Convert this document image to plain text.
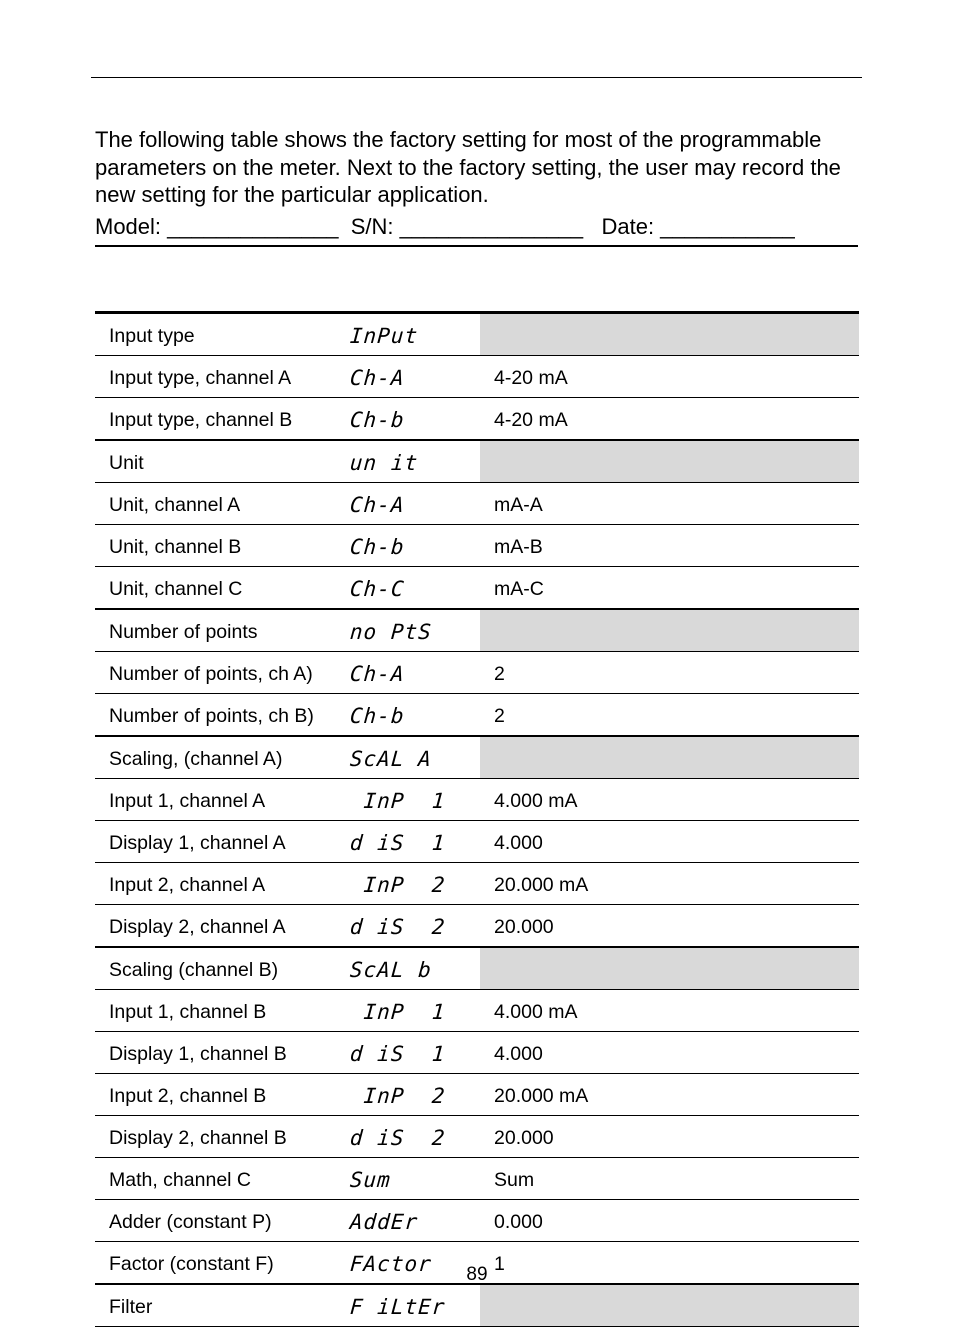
The following table shows the factory setting for most of the programmable parameters on the meter. Next to the factory setting, the user may record the new setting for the particular application.

Model: ______________ S/N: _______________ Date: ___________
Input type	InPut	
Input type, channel A	Ch-A	4-20 mA
Input type, channel B	Ch-b	4-20 mA
Unit	un it	
Unit, channel A	Ch-A	mA-A
Unit, channel B	Ch-b	mA-B
Unit, channel C	Ch-C	mA-C
Number of points	no PtS	
Number of points, ch A)	Ch-A	2
Number of points, ch B)	Ch-b	2
Scaling, (channel A)	ScAL A	
Input 1, channel A	InP  1	4.000 mA
Display 1, channel A	d iS  1	4.000
Input 2, channel A	InP  2	20.000 mA
Display 2, channel A	d iS  2	20.000
Scaling (channel B)	ScAL b	
Input 1, channel B	InP  1	4.000 mA
Display 1, channel B	d iS  1	4.000
Input 2, channel B	InP  2	20.000 mA
Display 2, channel B	d iS  2	20.000
Math, channel C	Sum	Sum
Adder (constant P)	AddEr	0.000
Factor (constant F)	FActor	1
Filter	F iLtEr	
89
